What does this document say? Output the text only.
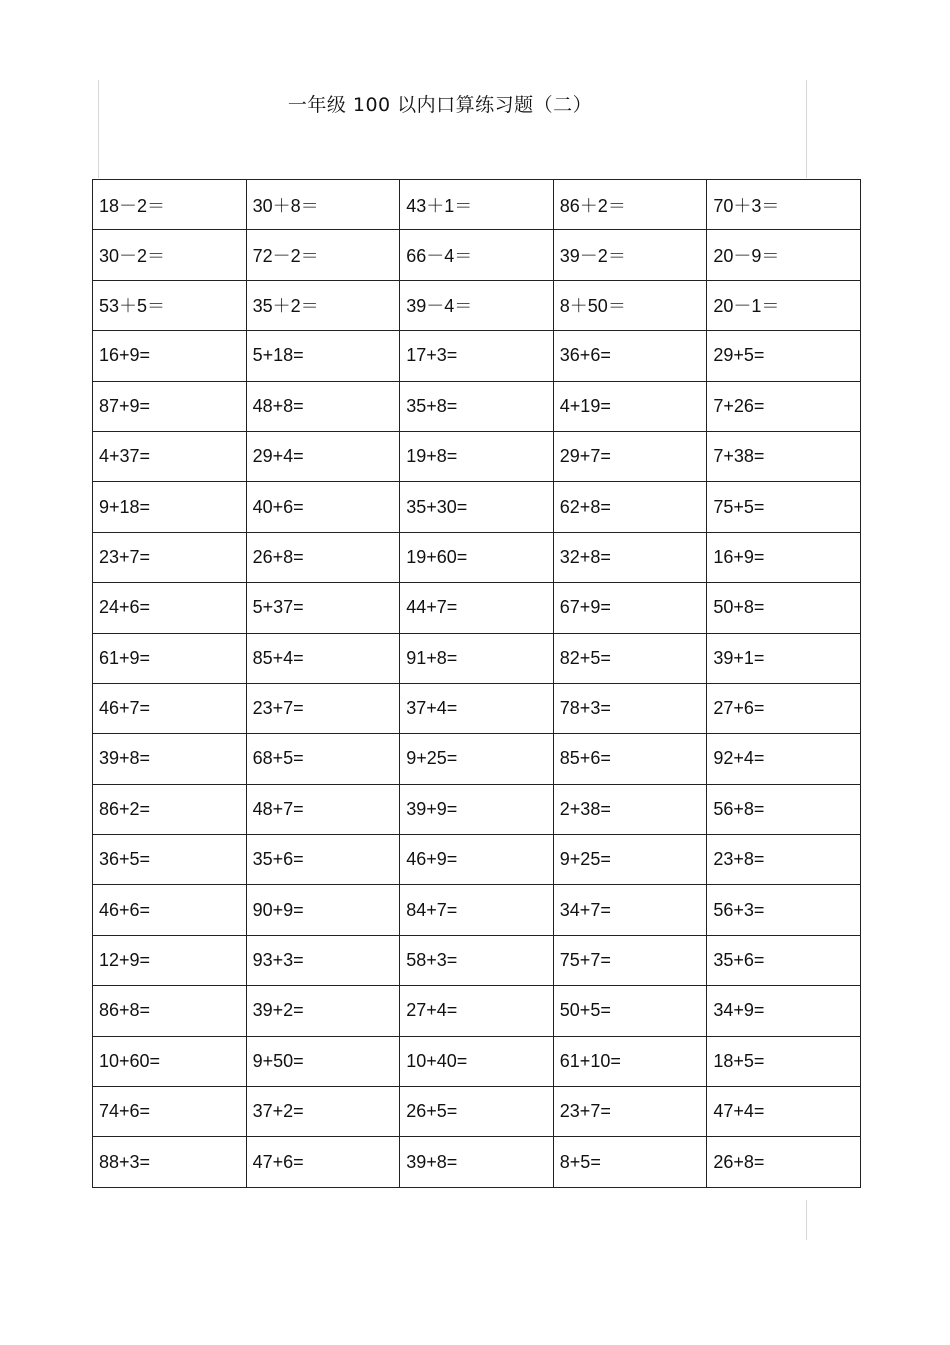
一年级 100 以内口算练习题（二）
18－2＝	30＋8＝	43＋1＝	86＋2＝	70＋3＝
30－2＝	72－2＝	66－4＝	39－2＝	20－9＝
53＋5＝	35＋2＝	39－4＝	8＋50＝	20－1＝
16+9=	5+18=	17+3=	36+6=	29+5=
87+9=	48+8=	35+8=	4+19=	7+26=
4+37=	29+4=	19+8=	29+7=	7+38=
9+18=	40+6=	35+30=	62+8=	75+5=
23+7=	26+8=	19+60=	32+8=	16+9=
24+6=	5+37=	44+7=	67+9=	50+8=
61+9=	85+4=	91+8=	82+5=	39+1=
46+7=	23+7=	37+4=	78+3=	27+6=
39+8=	68+5=	9+25=	85+6=	92+4=
86+2=	48+7=	39+9=	2+38=	56+8=
36+5=	35+6=	46+9=	9+25=	23+8=
46+6=	90+9=	84+7=	34+7=	56+3=
12+9=	93+3=	58+3=	75+7=	35+6=
86+8=	39+2=	27+4=	50+5=	34+9=
10+60=	9+50=	10+40=	61+10=	18+5=
74+6=	37+2=	26+5=	23+7=	47+4=
88+3=	47+6=	39+8=	8+5=	26+8=
